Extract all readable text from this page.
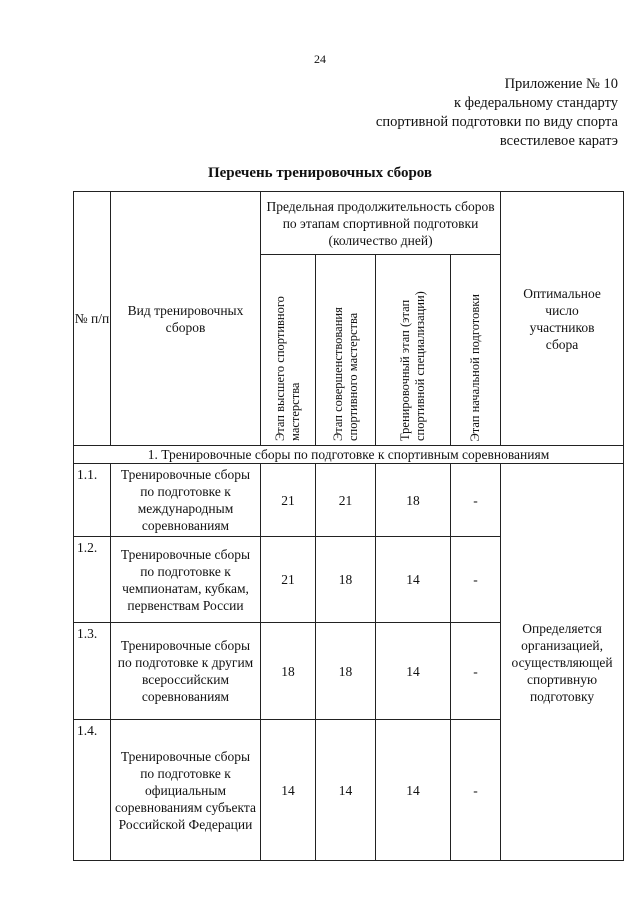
24
Приложение № 10
к федеральному стандарту
спортивной подготовки по виду спорта
всестилевое каратэ
Перечень тренировочных сборов
№ п/п	Вид тренировочных сборов	Предельная продолжительность сборов по этапам спортивной подготовки (количество дней)				Оптимальное число участников сбора

		Этап высшего спортивного мастерства	Этап совершенствования спортивного мастерства	Тренировочный этап (этап спортивной специализации)	Этап начальной подготовки	

1. Тренировочные сборы по подготовке к спортивным соревнованиям						
1.1.	Тренировочные сборы по подготовке к международным соревнованиям	21	21	18	-	Определяется организацией, осуществляющей спортивную подготовку
1.2.	Тренировочные сборы по подготовке к чемпионатам, кубкам, первенствам России	21	18	14	-	
1.3.	Тренировочные сборы по подготовке к другим всероссийским соревнованиям	18	18	14	-	
1.4.	Тренировочные сборы по подготовке к официальным соревнованиям субъекта Российской Федерации	14	14	14	-	
